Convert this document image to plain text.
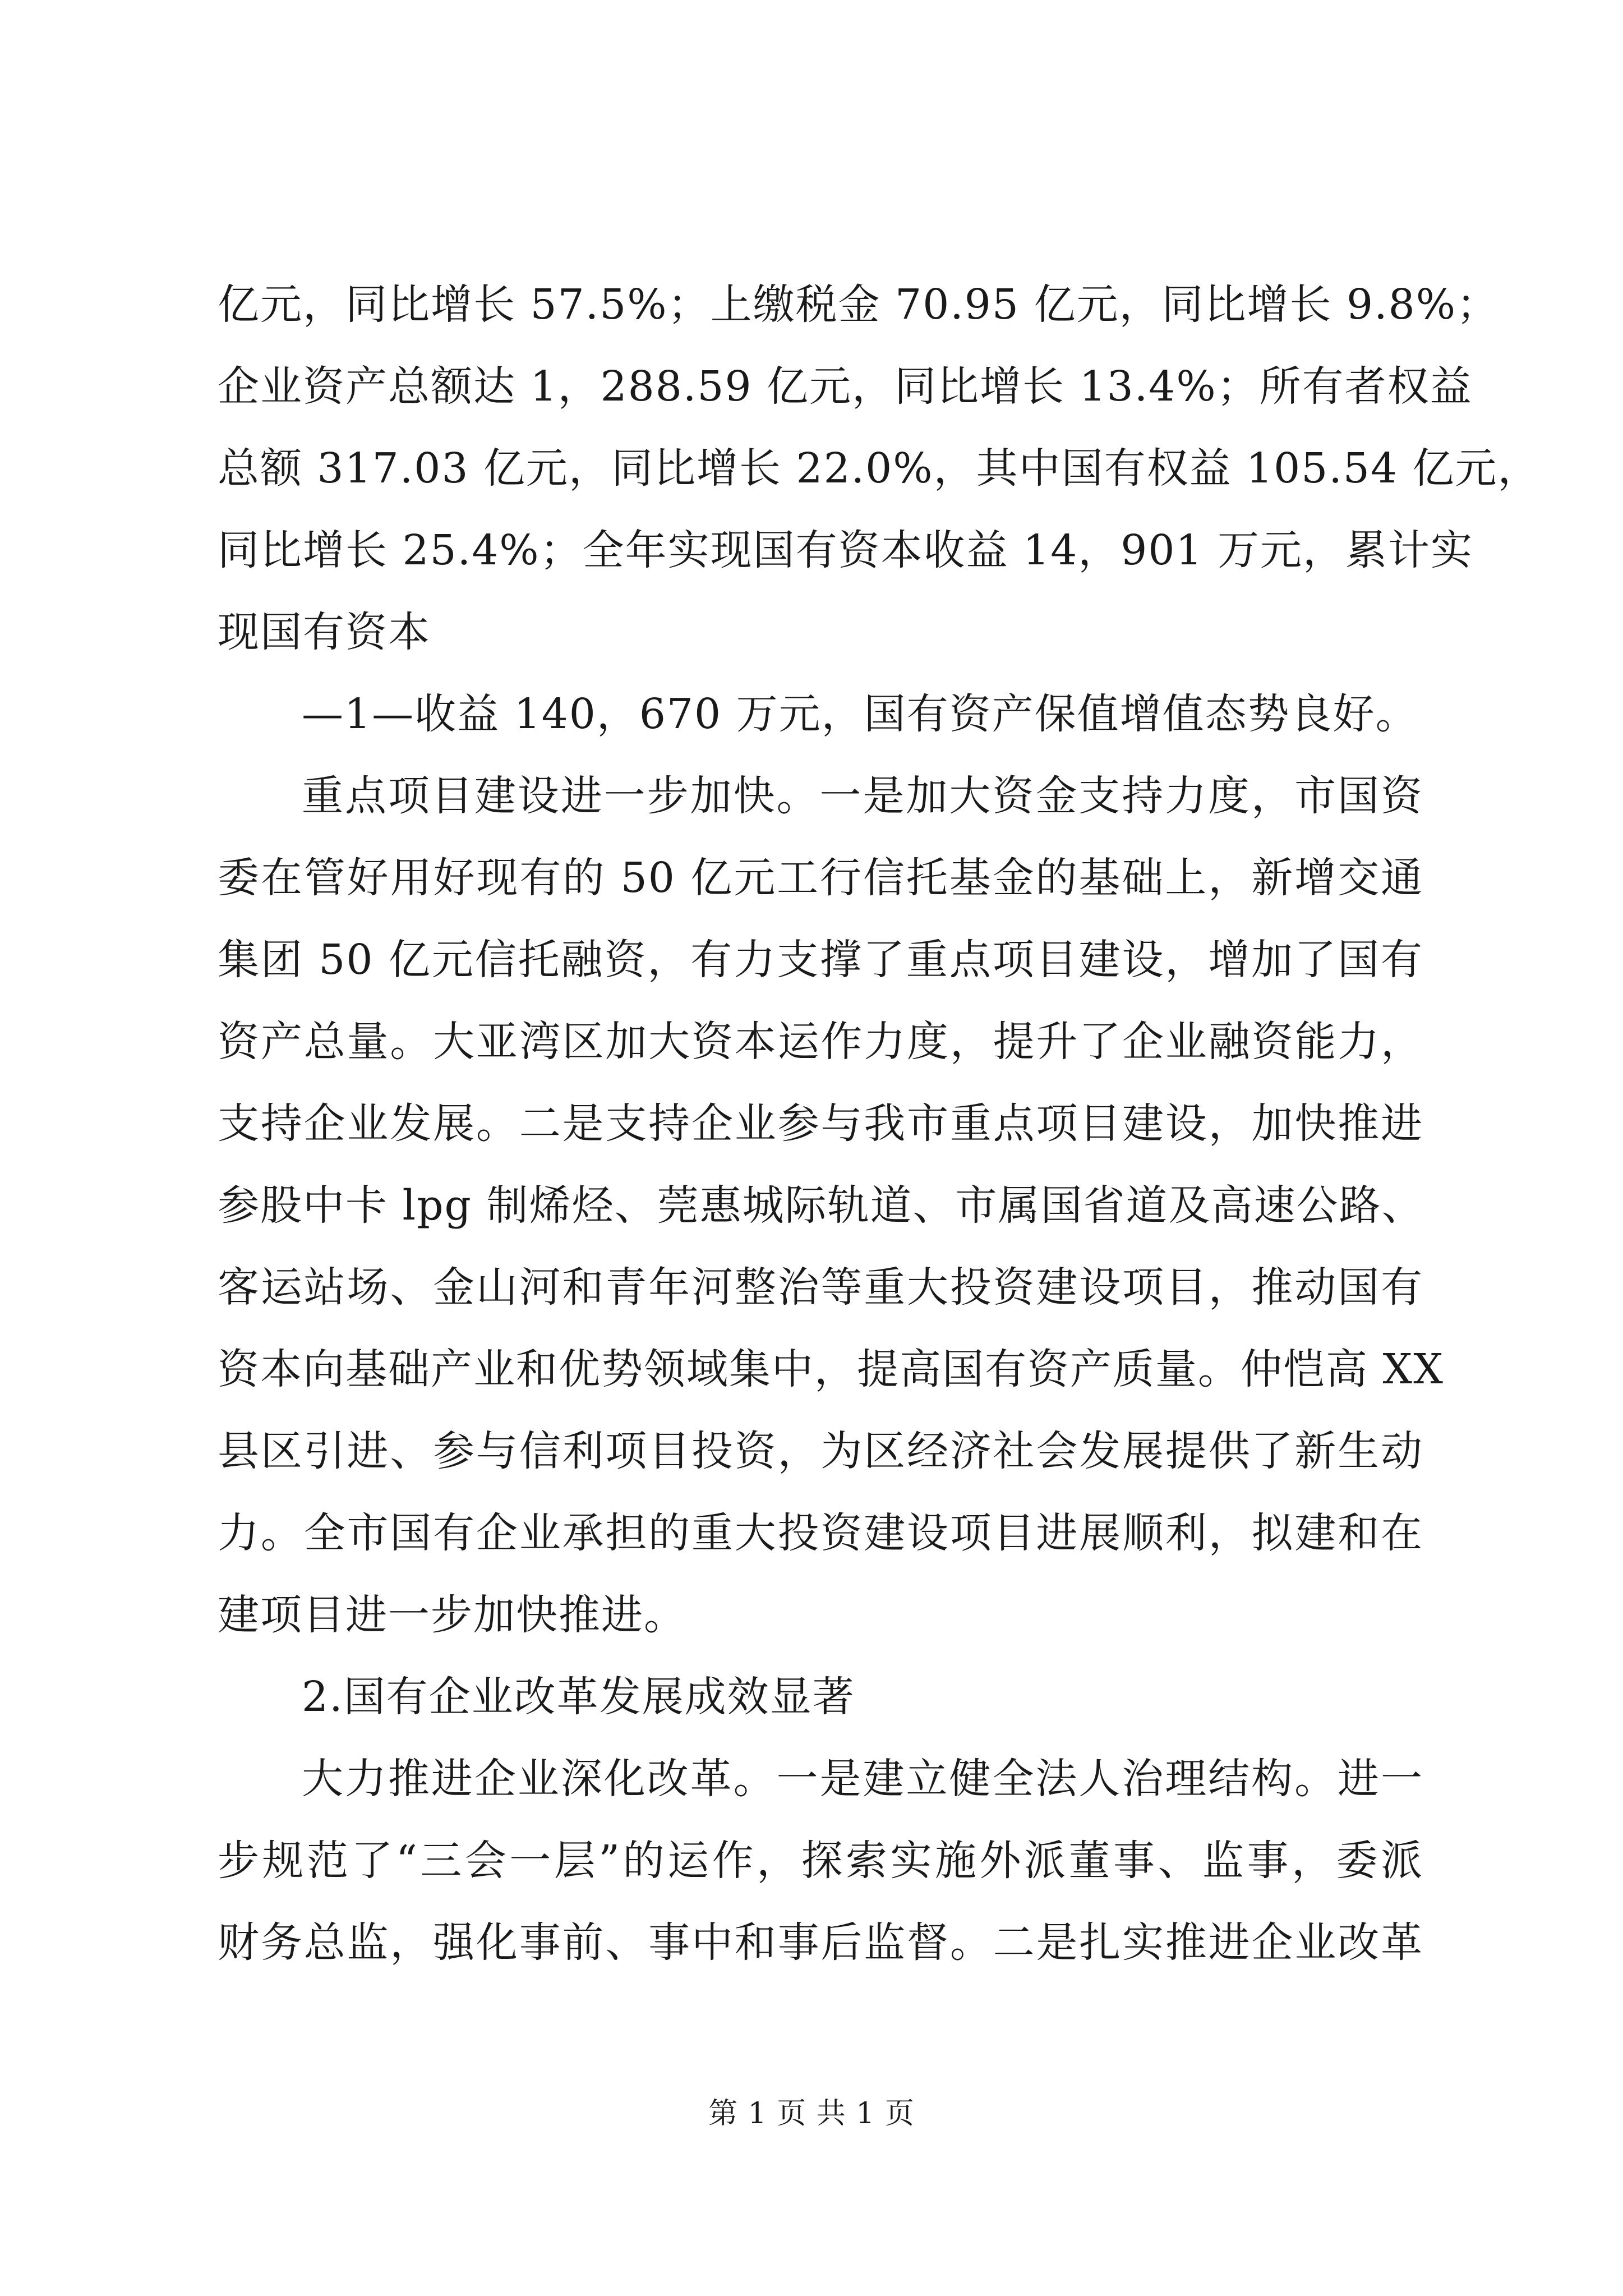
亿元，同比增长 57.5%；上缴税金 70.95 亿元，同比增长 9.8%；
企业资产总额达 1，288.59 亿元，同比增长 13.4%；所有者权益
总额 317.03 亿元，同比增长 22.0%，其中国有权益 105.54 亿元，
同比增长 25.4%；全年实现国有资本收益 14，901 万元，累计实
现国有资本
—1—收益 140，670 万元，国有资产保值增值态势良好。
重点项目建设进一步加快。一是加大资金支持力度，市国资
委在管好用好现有的 50 亿元工行信托基金的基础上，新增交通
集团 50 亿元信托融资，有力支撑了重点项目建设，增加了国有
资产总量。大亚湾区加大资本运作力度，提升了企业融资能力，
支持企业发展。二是支持企业参与我市重点项目建设，加快推进
参股中卡 lpg 制烯烃、莞惠城际轨道、市属国省道及高速公路、
客运站场、金山河和青年河整治等重大投资建设项目，推动国有
资本向基础产业和优势领域集中，提高国有资产质量。仲恺高 XX
县区引进、参与信利项目投资，为区经济社会发展提供了新生动
力。全市国有企业承担的重大投资建设项目进展顺利，拟建和在
建项目进一步加快推进。
2.国有企业改革发展成效显著
大力推进企业深化改革。一是建立健全法人治理结构。进一
步规范了“三会一层”的运作，探索实施外派董事、监事，委派
财务总监，强化事前、事中和事后监督。二是扎实推进企业改革
第 1 页 共 1 页
